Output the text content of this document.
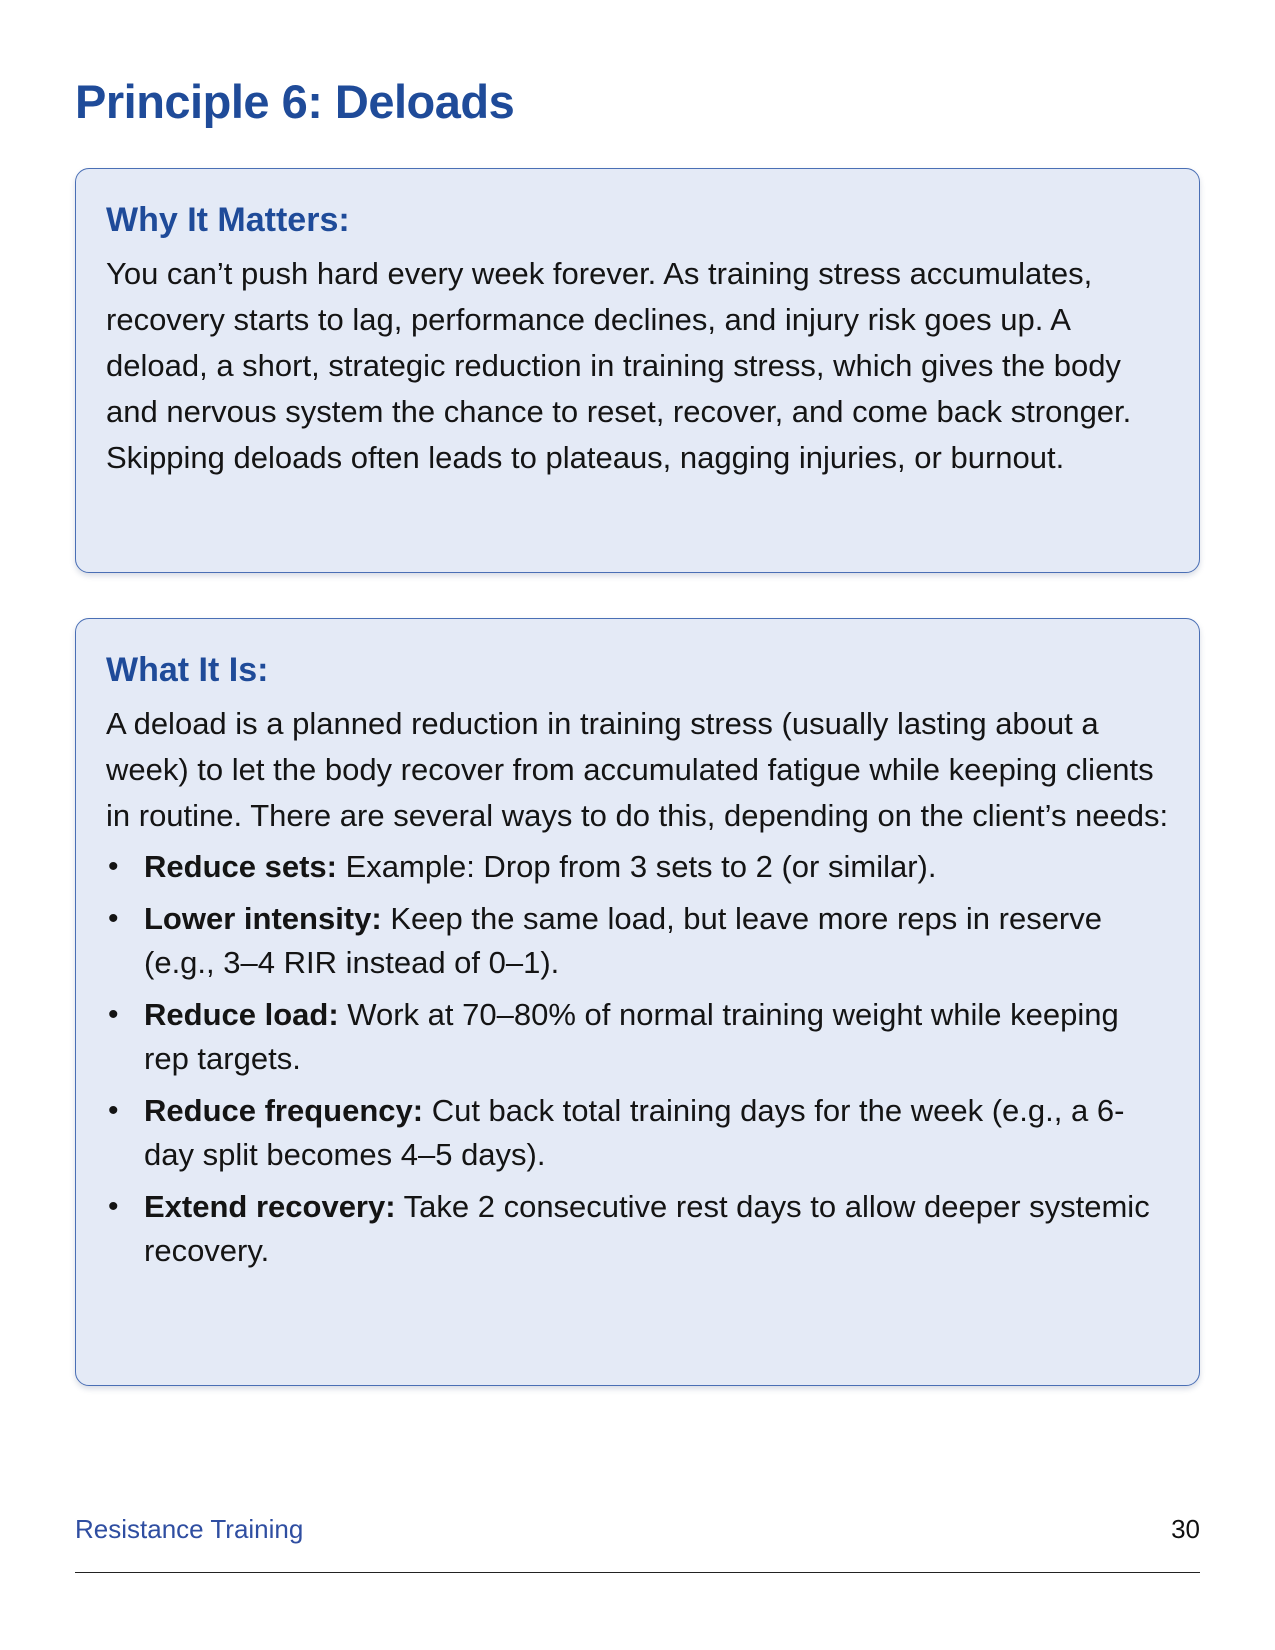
Principle 6: Deloads
Why It Matters:

You can’t push hard every week forever. As training stress accumulates, recovery starts to lag, performance declines, and injury risk goes up. A deload, a short, strategic reduction in training stress, which gives the body and nervous system the chance to reset, recover, and come back stronger. Skipping deloads often leads to plateaus, nagging injuries, or burnout.

What It Is:

A deload is a planned reduction in training stress (usually lasting about a week) to let the body recover from accumulated fatigue while keeping clients in routine. There are several ways to do this, depending on the client’s needs:

• Reduce sets: Example: Drop from 3 sets to 2 (or similar).
• Lower intensity: Keep the same load, but leave more reps in reserve (e.g., 3–4 RIR instead of 0–1).
• Reduce load: Work at 70–80% of normal training weight while keeping rep targets.
• Reduce frequency: Cut back total training days for the week (e.g., a 6-day split becomes 4–5 days).
• Extend recovery: Take 2 consecutive rest days to allow deeper systemic recovery.
Resistance Training	30
